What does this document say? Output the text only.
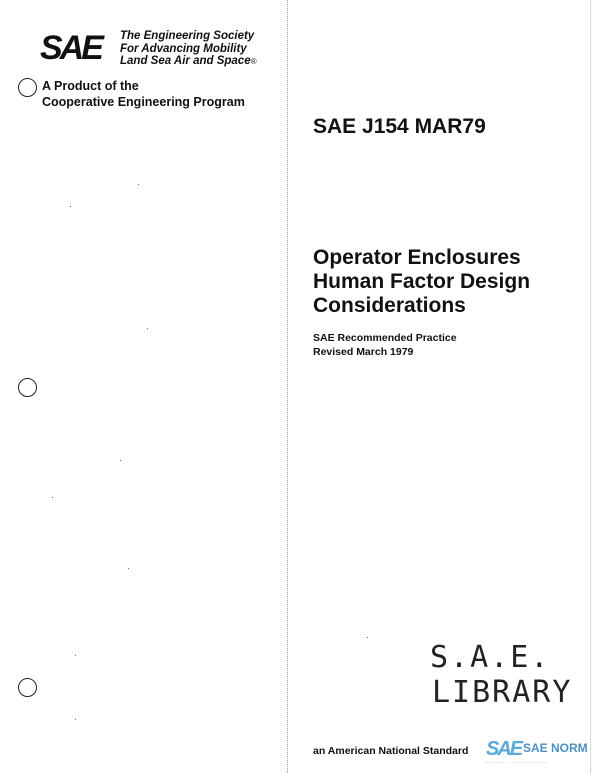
SAE The Engineering Society
For Advancing Mobility
Land Sea Air and Space®
A Product of the
Cooperative Engineering Program
SAE J154 MAR79
Operator Enclosures
Human Factor Design
Considerations
SAE Recommended Practice
Revised March 1979
S.A.E.
LIBRARY
an American National Standard SAE SAE NORM
———— ———— ————
